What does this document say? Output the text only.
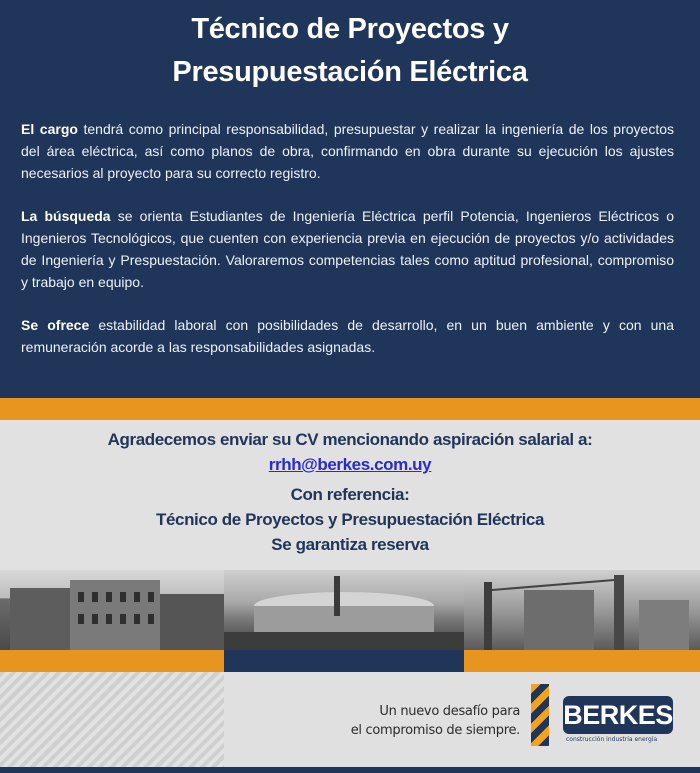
Técnico de Proyectos y
Presupuestación Eléctrica
El cargo tendrá como principal responsabilidad, presupuestar y realizar la ingeniería de los proyectos del área eléctrica, así como planos de obra, confirmando en obra durante su ejecución los ajustes necesarios al proyecto para su correcto registro.
La búsqueda se orienta Estudiantes de Ingeniería Eléctrica perfil Potencia, Ingenieros Eléctricos o Ingenieros Tecnológicos, que cuenten con experiencia previa en ejecución de proyectos y/o actividades de Ingeniería y Prespuestación. Valoraremos competencias tales como aptitud profesional, compromiso y trabajo en equipo.
Se ofrece estabilidad laboral con posibilidades de desarrollo, en un buen ambiente y con una remuneración acorde a las responsabilidades asignadas.
Agradecemos enviar su CV mencionando aspiración salarial a:
rrhh@berkes.com.uy
Con referencia:
Técnico de Proyectos y Presupuestación Eléctrica
Se garantiza reserva
Un nuevo desafío para
el compromiso de siempre.
BERKES
construcción industria energía
